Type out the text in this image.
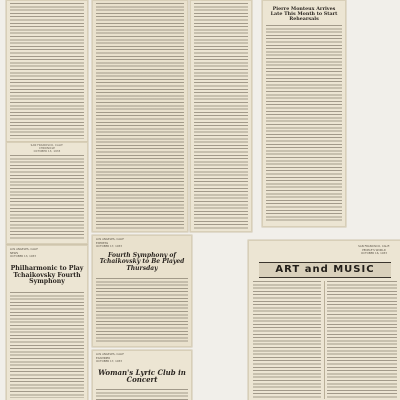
SAN FRANCISCO, CALIF.
CHRONICLE
OCTOBER 13, 1933
Pierre Monteux Arrives Late This Month to Start Rehearsals
LOS ANGELES, CALIF.
NEWS
OCTOBER 13, 1933
Philharmonic to Play Tchaikovsky Fourth Symphony
LOS ANGELES, CALIF.
EXPRESS
OCTOBER 17, 1933
Fourth Symphony of Tchaikovsky to Be Played Thursday
LOS ANGELES, CALIF.
EXAMINER
OCTOBER 17, 1933
Woman's Lyric Club in Concert
SAN FRANCISCO, CALIF.
PEOPLE'S WORLD
OCTOBER 16, 1933
ART and MUSIC
